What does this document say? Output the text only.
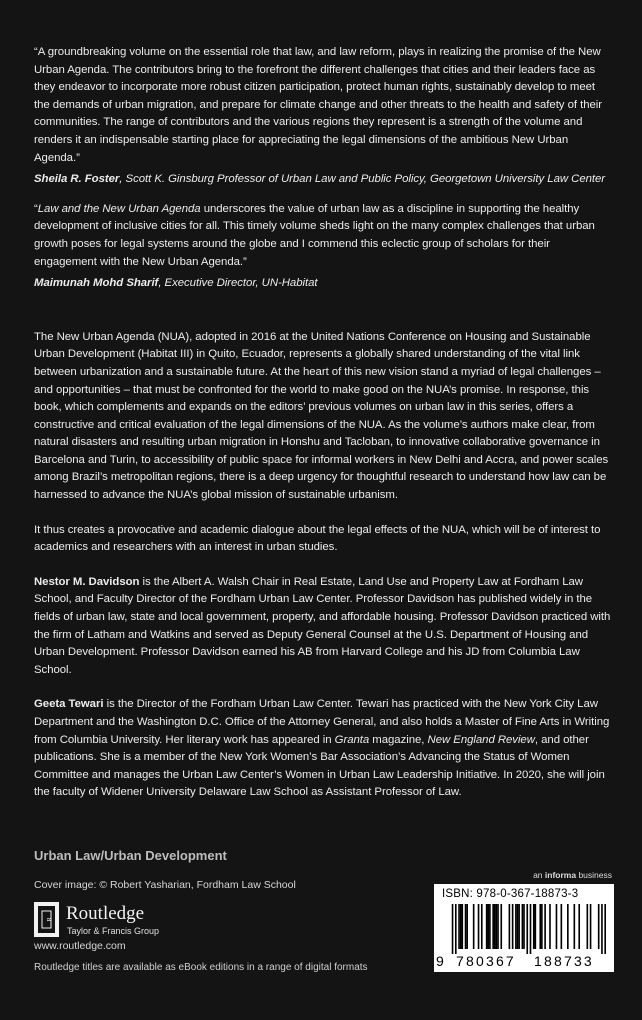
“A groundbreaking volume on the essential role that law, and law reform, plays in realizing the promise of the New Urban Agenda. The contributors bring to the forefront the different challenges that cities and their leaders face as they endeavor to incorporate more robust citizen participation, protect human rights, sustainably develop to meet the demands of urban migration, and prepare for climate change and other threats to the health and safety of their communities. The range of contributors and the various regions they represent is a strength of the volume and renders it an indispensable starting place for appreciating the legal dimensions of the ambitious New Urban Agenda.”

Sheila R. Foster, Scott K. Ginsburg Professor of Urban Law and Public Policy, Georgetown University Law Center

“Law and the New Urban Agenda underscores the value of urban law as a discipline in supporting the healthy development of inclusive cities for all. This timely volume sheds light on the many complex challenges that urban growth poses for legal systems around the globe and I commend this eclectic group of scholars for their engagement with the New Urban Agenda.”

Maimunah Mohd Sharif, Executive Director, UN-Habitat

The New Urban Agenda (NUA), adopted in 2016 at the United Nations Conference on Housing and Sustainable Urban Development (Habitat III) in Quito, Ecuador, represents a globally shared understanding of the vital link between urbanization and a sustainable future. At the heart of this new vision stand a myriad of legal challenges – and opportunities – that must be confronted for the world to make good on the NUA’s promise. In response, this book, which complements and expands on the editors’ previous volumes on urban law in this series, offers a constructive and critical evaluation of the legal dimensions of the NUA. As the volume’s authors make clear, from natural disasters and resulting urban migration in Honshu and Tacloban, to innovative collaborative governance in Barcelona and Turin, to accessibility of public space for informal workers in New Delhi and Accra, and power scales among Brazil’s metropolitan regions, there is a deep urgency for thoughtful research to understand how law can be harnessed to advance the NUA’s global mission of sustainable urbanism.

It thus creates a provocative and academic dialogue about the legal effects of the NUA, which will be of interest to academics and researchers with an interest in urban studies.

Nestor M. Davidson is the Albert A. Walsh Chair in Real Estate, Land Use and Property Law at Fordham Law School, and Faculty Director of the Fordham Urban Law Center. Professor Davidson has published widely in the fields of urban law, state and local government, property, and affordable housing. Professor Davidson practiced with the firm of Latham and Watkins and served as Deputy General Counsel at the U.S. Department of Housing and Urban Development. Professor Davidson earned his AB from Harvard College and his JD from Columbia Law School.

Geeta Tewari is the Director of the Fordham Urban Law Center. Tewari has practiced with the New York City Law Department and the Washington D.C. Office of the Attorney General, and also holds a Master of Fine Arts in Writing from Columbia University. Her literary work has appeared in Granta magazine, New England Review, and other publications. She is a member of the New York Women’s Bar Association’s Advancing the Status of Women Committee and manages the Urban Law Center’s Women in Urban Law Leadership Initiative. In 2020, she will join the faculty of Widener University Delaware Law School as Assistant Professor of Law.

Urban Law/Urban Development
Cover image: © Robert Yasharian, Fordham Law School
R Routledge
Taylor & Francis Group
www.routledge.com
Routledge titles are available as eBook editions in a range of digital formats
an informa business
ISBN: 978-0-367-18873-3
9 780367 188733
